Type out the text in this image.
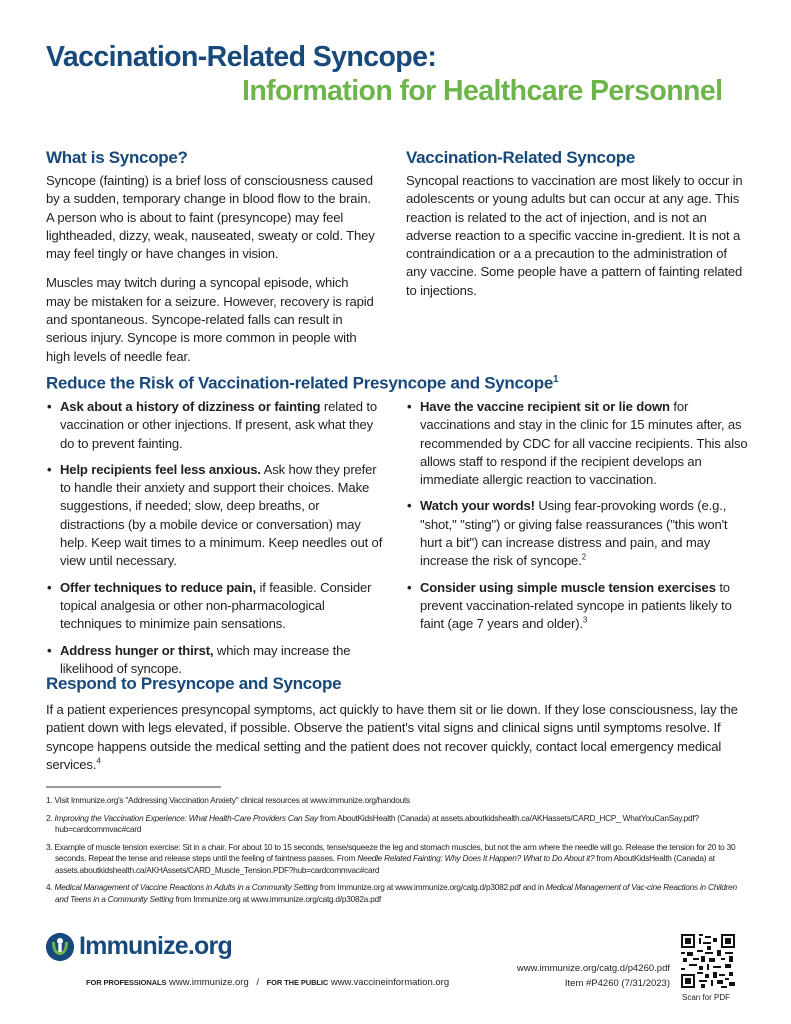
Vaccination-Related Syncope:
Information for Healthcare Personnel
What is Syncope?

Syncope (fainting) is a brief loss of consciousness caused by a sudden, temporary change in blood flow to the brain. A person who is about to faint (presyncope) may feel lightheaded, dizzy, weak, nauseated, sweaty or cold. They may feel tingly or have changes in vision.

Muscles may twitch during a syncopal episode, which may be mistaken for a seizure. However, recovery is rapid and spontaneous. Syncope-related falls can result in serious injury. Syncope is more common in people with high levels of needle fear.

Vaccination-Related Syncope

Syncopal reactions to vaccination are most likely to occur in adolescents or young adults but can occur at any age. This reaction is related to the act of injection, and is not an adverse reaction to a specific vaccine in-gredient. It is not a contraindication or a a precaution to the administration of any vaccine. Some people have a pattern of fainting related to injections.

Reduce the Risk of Vaccination-related Presyncope and Syncope$^1$
• Ask about a history of dizziness or fainting related to vaccination or other injections. If present, ask what they do to prevent fainting.
• Help recipients feel less anxious. Ask how they prefer to handle their anxiety and support their choices. Make suggestions, if needed; slow, deep breaths, or distractions (by a mobile device or conversation) may help. Keep wait times to a minimum. Keep needles out of view until necessary.
• Offer techniques to reduce pain, if feasible. Consider topical analgesia or other non-pharmacological techniques to minimize pain sensations.
• Address hunger or thirst, which may increase the likelihood of syncope.
• Have the vaccine recipient sit or lie down for vaccinations and stay in the clinic for 15 minutes after, as recommended by CDC for all vaccine recipients. This also allows staff to respond if the recipient develops an immediate allergic reaction to vaccination.
• Watch your words! Using fear-provoking words (e.g., "shot," "sting") or giving false reassurances ("this won't hurt a bit") can increase distress and pain, and may increase the risk of syncope.$^2$
• Consider using simple muscle tension exercises to prevent vaccination-related syncope in patients likely to faint (age 7 years and older).$^3$
Respond to Presyncope and Syncope

If a patient experiences presyncopal symptoms, act quickly to have them sit or lie down. If they lose consciousness, lay the patient down with legs elevated, if possible. Observe the patient's vital signs and clinical signs until symptoms resolve. If syncope happens outside the medical setting and the patient does not recover quickly, contact local emergency medical services.$^4$

1. Visit Immunize.org's "Addressing Vaccination Anxiety" clinical resources at www.immunize.org/handouts
2. Improving the Vaccination Experience: What Health-Care Providers Can Say from AboutKidsHealth (Canada) at assets.aboutkidshealth.ca/AKHassets/CARD_HCP_ WhatYouCanSay.pdf?hub=cardcommvac#card
3. Example of muscle tension exercise: Sit in a chair. For about 10 to 15 seconds, tense/squeeze the leg and stomach muscles, but not the arm where the needle will go. Release the tension for 20 to 30 seconds. Repeat the tense and release steps until the feeling of faintness passes. From Needle Related Fainting: Why Does It Happen? What to Do About it? from AboutKidsHealth (Canada) at assets.aboutkidshealth.ca/AKHAssets/CARD_Muscle_Tension.PDF?hub=cardcommvac#card
4. Medical Management of Vaccine Reactions in Adults in a Community Setting from Immunize.org at www.immunize.org/catg.d/p3082.pdf and in Medical Management of Vac-cine Reactions in Children and Teens in a Community Setting from Immunize.org at www.immunize.org/catg.d/p3082a.pdf
Immunize.org
FOR PROFESSIONALS www.immunize.org / FOR THE PUBLIC www.vaccineinformation.org
www.immunize.org/catg.d/p4260.pdf
Item #P4260 (7/31/2023)
Scan for PDF
